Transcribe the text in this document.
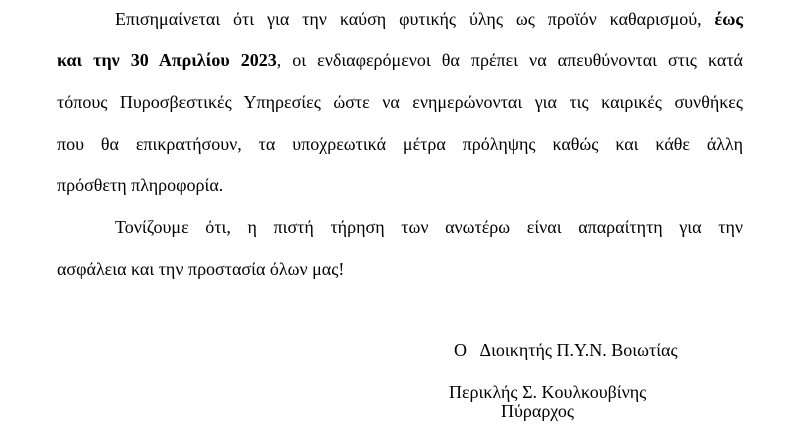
Επισημαίνεται ότι για την καύση φυτικής ύλης ως προϊόν καθαρισμού, έως
και την 30 Απριλίου 2023, οι ενδιαφερόμενοι θα πρέπει να απευθύνονται στις κατά
τόπους Πυροσβεστικές Υπηρεσίες ώστε να ενημερώνονται για τις καιρικές συνθήκες
που θα επικρατήσουν, τα υποχρεωτικά μέτρα πρόληψης καθώς και κάθε άλλη
πρόσθετη πληροφορία.
Τονίζουμε ότι, η πιστή τήρηση των ανωτέρω είναι απαραίτητη για την
ασφάλεια και την προστασία όλων μας!
Ο   Διοικητής Π.Υ.Ν. Βοιωτίας
Περικλής Σ. Κουλκουβίνης
Πύραρχος
